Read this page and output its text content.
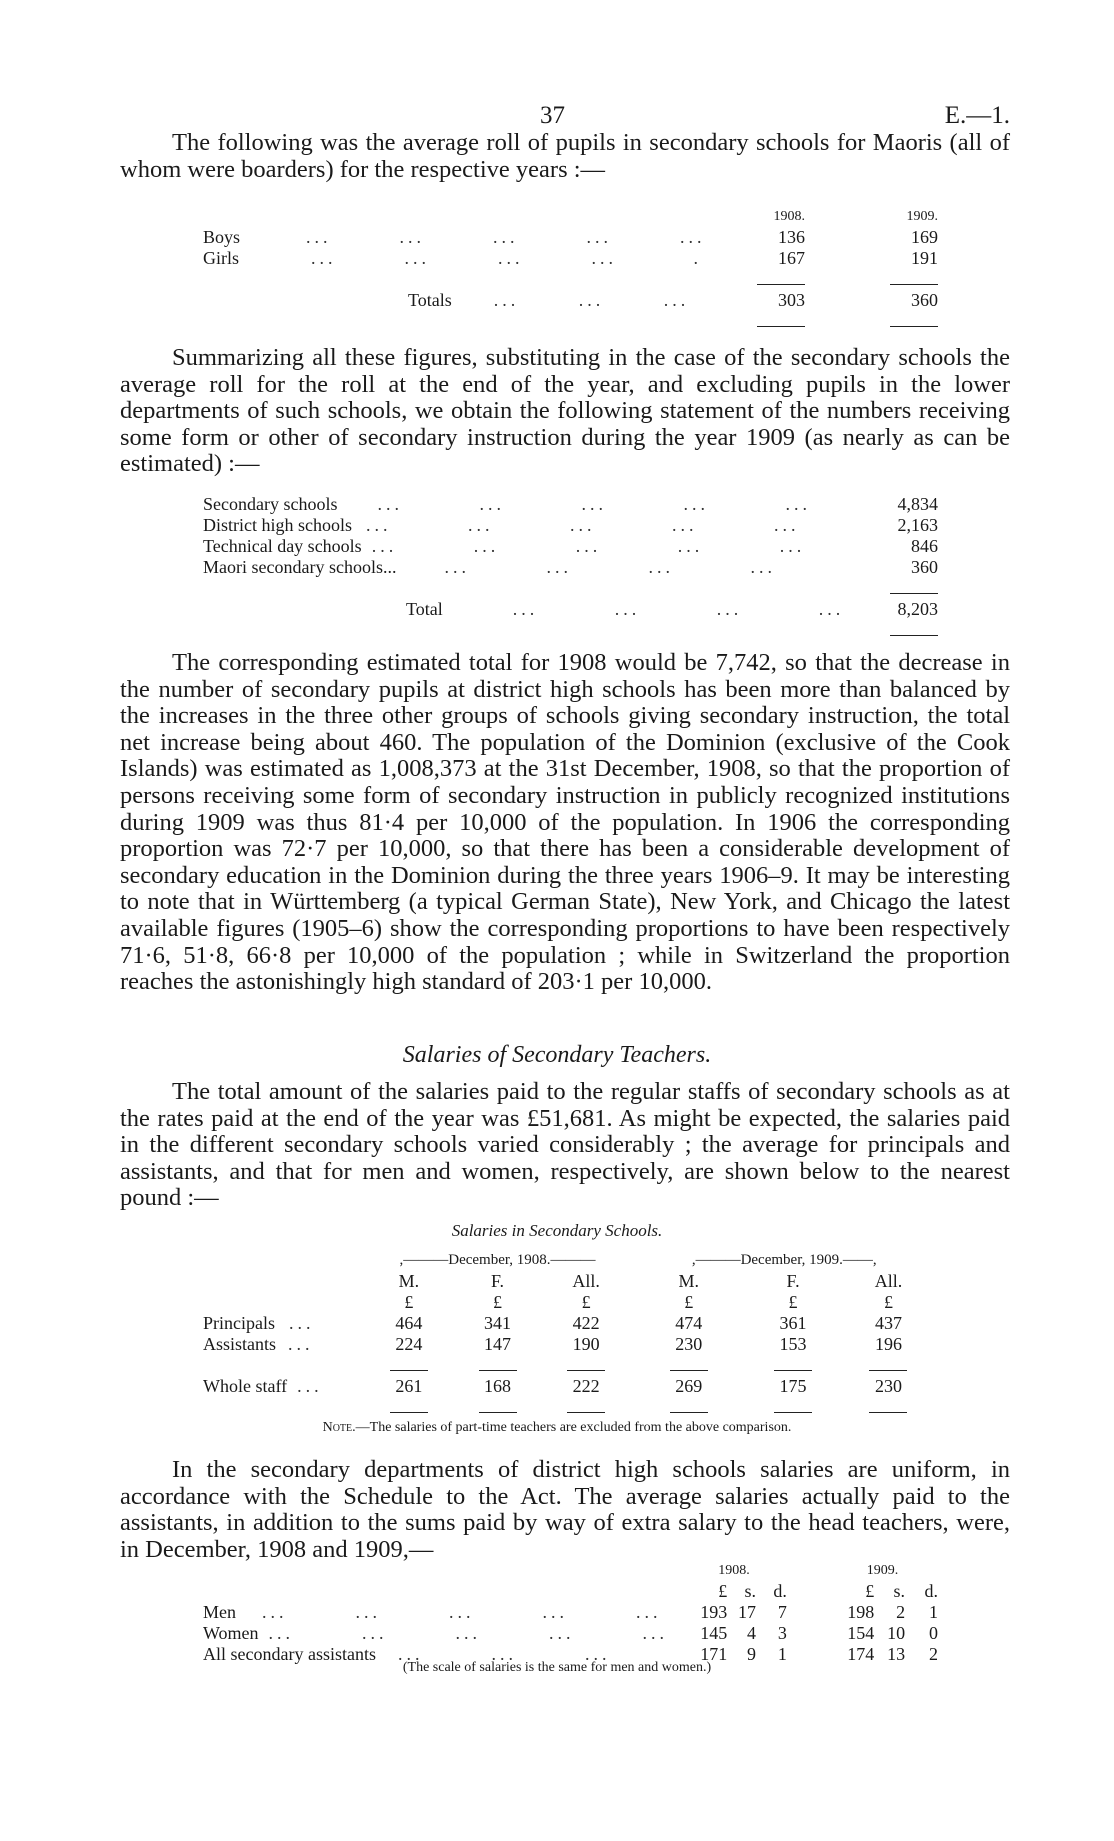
37	E.—1.

The following was the average roll of pupils in secondary schools for Maoris (all of whom were boarders) for the respective years :—

	1908.	1909.
Boys ...        ...        ...        ...        ...	136	169
Girls ...        ...        ...        ...         .	167	191

Totals ...       ...       ...	303	360

Summarizing all these figures, substituting in the case of the secondary schools the average roll for the roll at the end of the year, and excluding pupils in the lower departments of such schools, we obtain the following statement of the numbers receiving some form or other of secondary instruction during the year 1909 (as nearly as can be estimated) :—

Secondary schools ...         ...         ...         ...         ...	4,834
District high schools ...         ...         ...         ...         ...	2,163
Technical day schools ...         ...         ...         ...         ...	846
Maori secondary schools... ...         ...         ...         ...	360

Total ...         ...         ...         ...	8,203

The corresponding estimated total for 1908 would be 7,742, so that the decrease in the number of secondary pupils at district high schools has been more than balanced by the increases in the three other groups of schools giving secondary instruction, the total net increase being about 460. The population of the Dominion (exclusive of the Cook Islands) was estimated as 1,008,373 at the 31st December, 1908, so that the proportion of persons receiving some form of secondary instruction in publicly recognized institutions during 1909 was thus 81·4 per 10,000 of the population. In 1906 the corresponding proportion was 72·7 per 10,000, so that there has been a considerable development of secondary education in the Dominion during the three years 1906–9. It may be interesting to note that in Württemberg (a typical German State), New York, and Chicago the latest available figures (1905–6) show the corresponding proportions to have been respectively 71·6, 51·8, 66·8 per 10,000 of the population ; while in Switzerland the proportion reaches the astonishingly high standard of 203·1 per 10,000.

Salaries of Secondary Teachers.

The total amount of the salaries paid to the regular staffs of secondary schools as at the rates paid at the end of the year was £51,681. As might be expected, the salaries paid in the different secondary schools varied considerably ; the average for principals and assistants, and that for men and women, respectively, are shown below to the nearest pound :—

Salaries in Secondary Schools.

	,———December, 1908.———			,———December, 1909.——,		
	M.	F.	All.	M.	F.	All.
	£	£	£	£	£	£
Principals ...	464	341	422	474	361	437
Assistants ...	224	147	190	230	153	196

Whole staff ...	261	168	222	269	175	230

Note.—The salaries of part-time teachers are excluded from the above comparison.

In the secondary departments of district high schools salaries are uniform, in accordance with the Schedule to the Act. The average salaries actually paid to the assistants, in addition to the sums paid by way of extra salary to the head teachers, were, in December, 1908 and 1909,—

	1908.			1909.		
	£	s.	d.	£	s.	d.
Men ...        ...        ...        ...        ...	193	17	7	198	2	1
Women ...        ...        ...        ...        ...	145	4	3	154	10	0
All secondary assistants ...        ...        ...	171	9	1	174	13	2

(The scale of salaries is the same for men and women.)
